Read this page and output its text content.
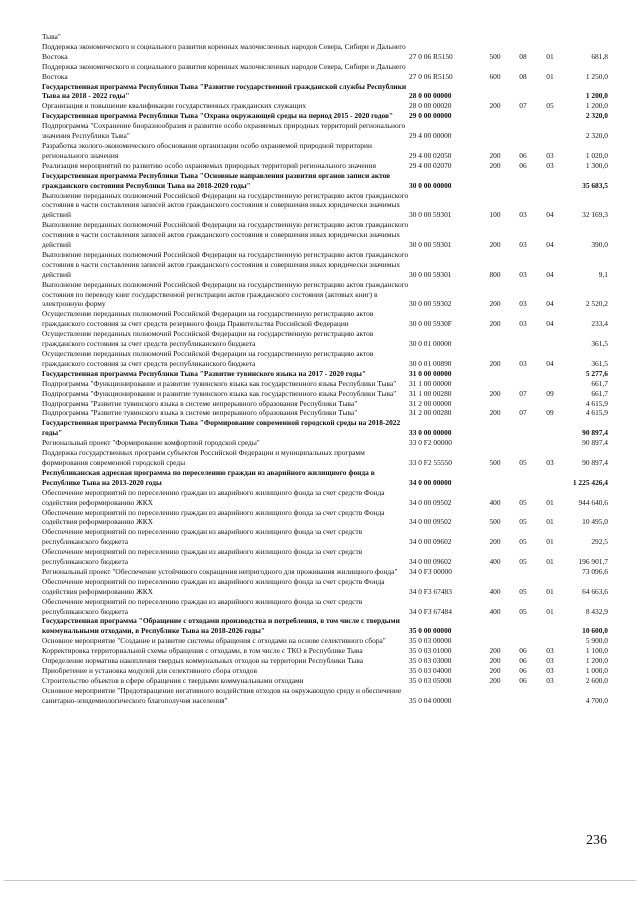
Тыва"
Поддержка экономического и социального развития коренных малочисленных народов Севера, Сибири и Дальнего Востока	27 0 06 R5150	500	08	01	681,8
Поддержка экономического и социального развития коренных малочисленных народов Севера, Сибири и Дальнего Востока	27 0 06 R5150	600	08	01	1 250,0
Государственная программа Республики Тыва "Развитие государственной гражданской службы Республики Тыва на 2018 - 2022 годы"	28 0 00 00000	1 200,0
Организация и повышение квалификации государственных гражданских служащих	28 0 00 00020	200	07	05	1 200,0
Государственная программа Республики Тыва "Охрана окружающей среды на период 2015 - 2020 годов"	29 0 00 00000	2 320,0
Подпрограмма "Сохранение биоразнообразия и развитие особо охраняемых природных территорий регионального значения Республики Тыва"	29 4 00 00000	2 320,0
Разработка эколого-экономического обоснования организации особо охраняемой природной территории регионального значения	29 4 00 02050	200	06	03	1 020,0
Реализация мероприятий по развитию особо охраняемых природных территорий регионального значения	29 4 00 02070	200	06	03	1 300,0
Государственная программа Республики Тыва "Основные направления развития органов записи актов гражданского состояния Республики Тыва на 2018-2020 годы"	30 0 00 00000	35 683,5
Выполнение переданных полномочий Российской Федерации на государственную регистрацию актов гражданского состояния в части составления записей актов гражданского состояния и совершения иных юридически значимых действий	30 0 00 59301	100	03	04	32 169,3
Выполнение переданных полномочий Российской Федерации на государственную регистрацию актов гражданского состояния в части составления записей актов гражданского состояния и совершения иных юридически значимых действий	30 0 00 59301	200	03	04	390,0
Выполнение переданных полномочий Российской Федерации на государственную регистрацию актов гражданского состояния в части составления записей актов гражданского состояния и совершения иных юридически значимых действий	30 0 00 59301	800	03	04	9,1
Выполнение переданных полномочий Российской Федерации на государственную регистрацию актов гражданского состояния по переводу книг государственной регистрации актов гражданского состояния (актовых книг) в электронную форму	30 0 00 59302	200	03	04	2 520,2
Осуществление переданных полномочий Российской Федерации на государственную регистрацию актов гражданского состояния за счет средств резервного фонда Правительства Российской Федерации	30 0 00 5930F	200	03	04	233,4
Осуществление переданных полномочий Российской Федерации на государственную регистрацию актов гражданского состояния за счет средств республиканского бюджета	30 0 01 00000	361,5
Осуществление переданных полномочий Российской Федерации на государственную регистрацию актов гражданского состояния за счет средств республиканского бюджета	30 0 01 00890	200	03	04	361,5
Государственная программа Республики Тыва "Развитие тувинского языка на 2017 - 2020 годы"	31 0 00 00000	5 277,6
Подпрограмма "Функционирование и развитие тувинского языка как государственного языка Республики Тыва"	31 1 00 00000	661,7
Подпрограмма "Функционирование и развитие тувинского языка как государственного языка Республики Тыва"	31 1 00 00280	200	07	09	661,7
Подпрограмма "Развитие тувинского языка в системе непрерывного образования Республики Тыва"	31 2 00 00000	4 615,9
Подпрограмма "Развитие тувинского языка в системе непрерывного образования Республики Тыва"	31 2 00 00280	200	07	09	4 615,9
Государственная программа Республики Тыва "Формирование современной городской среды на 2018-2022 годы"	33 0 00 00000	90 897,4
Региональный проект "Формирование комфортной городской среды"	33 0 F2 00000	90 897,4
Поддержка государственных программ субъектов Российской Федерации и муниципальных программ формирования современной городской среды	33 0 F2 55550	500	05	03	90 897,4
Республиканская адресная программа по переселению граждан из аварийного жилищного фонда в Республике Тыва на 2013-2020 годы	34 0 00 00000	1 225 426,4
Обеспечение мероприятий по переселению граждан из аварийного жилищного фонда за счет средств Фонда содействия реформированию ЖКХ	34 0 00 09502	400	05	01	944 640,6
Обеспечение мероприятий по переселению граждан из аварийного жилищного фонда за счет средств Фонда содействия реформированию ЖКХ	34 0 00 09502	500	05	01	10 495,0
Обеспечение мероприятий по переселению граждан из аварийного жилищного фонда за счет средств республиканского бюджета	34 0 00 09602	200	05	01	292,5
Обеспечение мероприятий по переселению граждан из аварийного жилищного фонда за счет средств республиканского бюджета	34 0 00 09602	400	05	01	196 901,7
Региональный проект "Обеспечение устойчивого сокращения непригодного для проживания жилищного фонда"	34 0 F3 00000	73 096,6
Обеспечение мероприятий по переселению граждан из аварийного жилищного фонда за счет средств Фонда содействия реформированию ЖКХ	34 0 F3 67483	400	05	01	64 663,6
Обеспечение мероприятий по переселению граждан из аварийного жилищного фонда за счет средств республиканского бюджета	34 0 F3 67484	400	05	01	8 432,9
Государственная программа "Обращение с отходами производства и потребления, в том числе с твердыми коммунальными отходами, в Республике Тыва на 2018-2026 годы"	35 0 00 00000	10 600,0
Основное мероприятие "Создание и развитие системы обращения с отходами на основе селективного сбора"	35 0 03 00000	5 900,0
Корректировка территориальной схемы обращения с отходами, в том числе с ТКО в Республике Тыва	35 0 03 01000	200	06	03	1 100,0
Определение норматива накопления твердых коммунальных отходов на территории Республики Тыва	35 0 03 03000	200	06	03	1 200,0
Приобретение и установка модулей для селективного сбора отходов	35 0 03 04000	200	06	03	1 000,0
Строительство объектов в сфере обращения с твердыми коммунальными отходами	35 0 03 05000	200	06	03	2 600,0
Основное мероприятие "Предотвращение негативного воздействия отходов на окружающую среду и обеспечение санитарно-эпидемиологического благополучия населения"	35 0 04 00000	4 700,0
236
